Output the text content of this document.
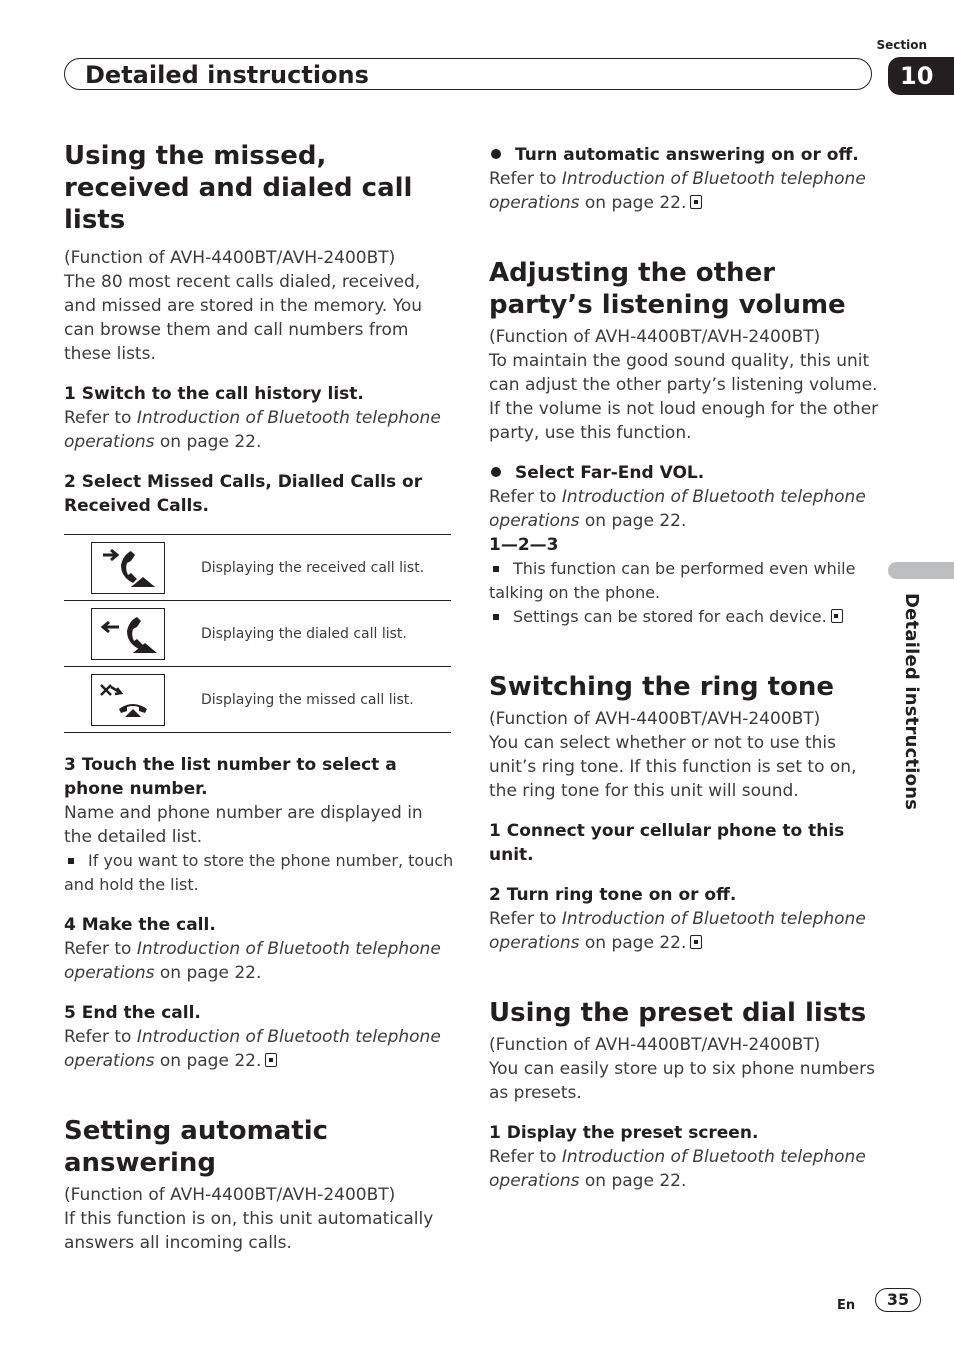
Section
Detailed instructions	10
Detailed instructions
Using the missed, received and dialed call lists

(Function of AVH-4400BT/AVH-2400BT)

The 80 most recent calls dialed, received, and missed are stored in the memory. You can browse them and call numbers from these lists.

1 Switch to the call history list.

Refer to Introduction of Bluetooth telephone operations on page 22.

2 Select Missed Calls, Dialled Calls or Received Calls.

Displaying the received call list.
Displaying the dialed call list.
Displaying the missed call list.

3 Touch the list number to select a phone number.

Name and phone number are displayed in the detailed list.

If you want to store the phone number, touch and hold the list.

4 Make the call.

Refer to Introduction of Bluetooth telephone operations on page 22.

5 End the call.

Refer to Introduction of Bluetooth telephone operations on page 22.

Setting automatic answering

(Function of AVH-4400BT/AVH-2400BT)

If this function is on, this unit automatically answers all incoming calls.

Turn automatic answering on or off.

Refer to Introduction of Bluetooth telephone operations on page 22.

Adjusting the other party’s listening volume

(Function of AVH-4400BT/AVH-2400BT)

To maintain the good sound quality, this unit can adjust the other party’s listening volume. If the volume is not loud enough for the other party, use this function.

Select Far-End VOL.

Refer to Introduction of Bluetooth telephone operations on page 22.

1—2—3

This function can be performed even while talking on the phone.

Settings can be stored for each device.

Switching the ring tone

(Function of AVH-4400BT/AVH-2400BT)

You can select whether or not to use this unit’s ring tone. If this function is set to on, the ring tone for this unit will sound.

1 Connect your cellular phone to this unit.

2 Turn ring tone on or off.

Refer to Introduction of Bluetooth telephone operations on page 22.

Using the preset dial lists

(Function of AVH-4400BT/AVH-2400BT)

You can easily store up to six phone numbers as presets.

1 Display the preset screen.

Refer to Introduction of Bluetooth telephone operations on page 22.

En	35
